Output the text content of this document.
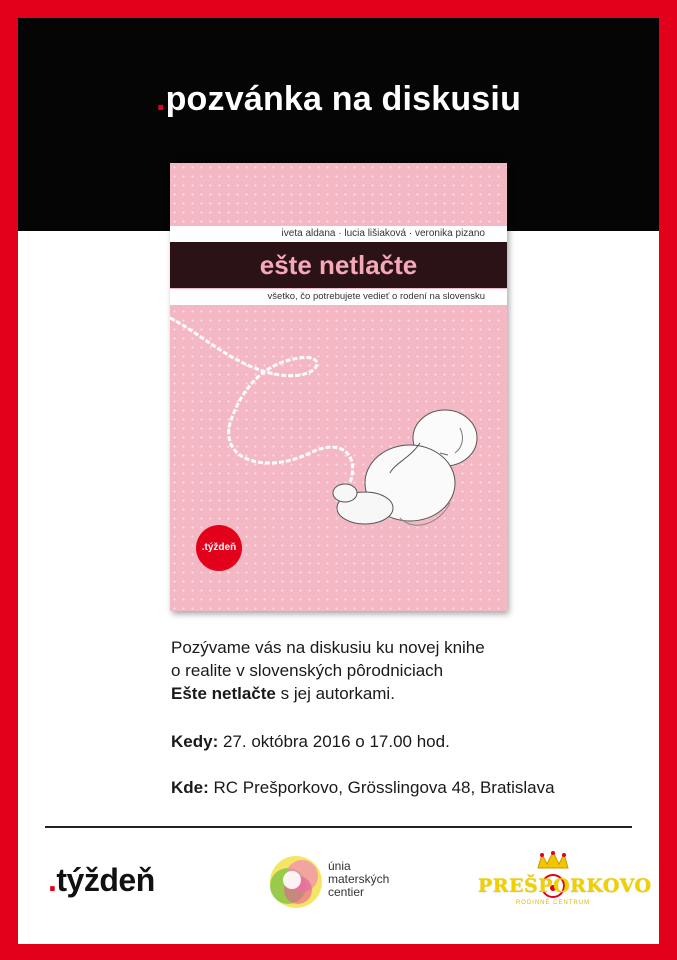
.pozvánka na diskusiu
iveta aldana · lucia lišiaková · veronika pizano
ešte netlačte
všetko, čo potrebujete vedieť o rodení na slovensku
.týždeň

Pozývame vás na diskusiu ku novej knihe

o realite v slovenských pôrodniciach

Ešte netlačte s jej autorkami.

Kedy: 27. októbra 2016 o 17.00 hod.
Kde: RC Prešporkovo, Grösslingova 48, Bratislava
.týždeň	únia
materských
centier	PREŠPORKOVO
RODINNÉ CENTRUM
